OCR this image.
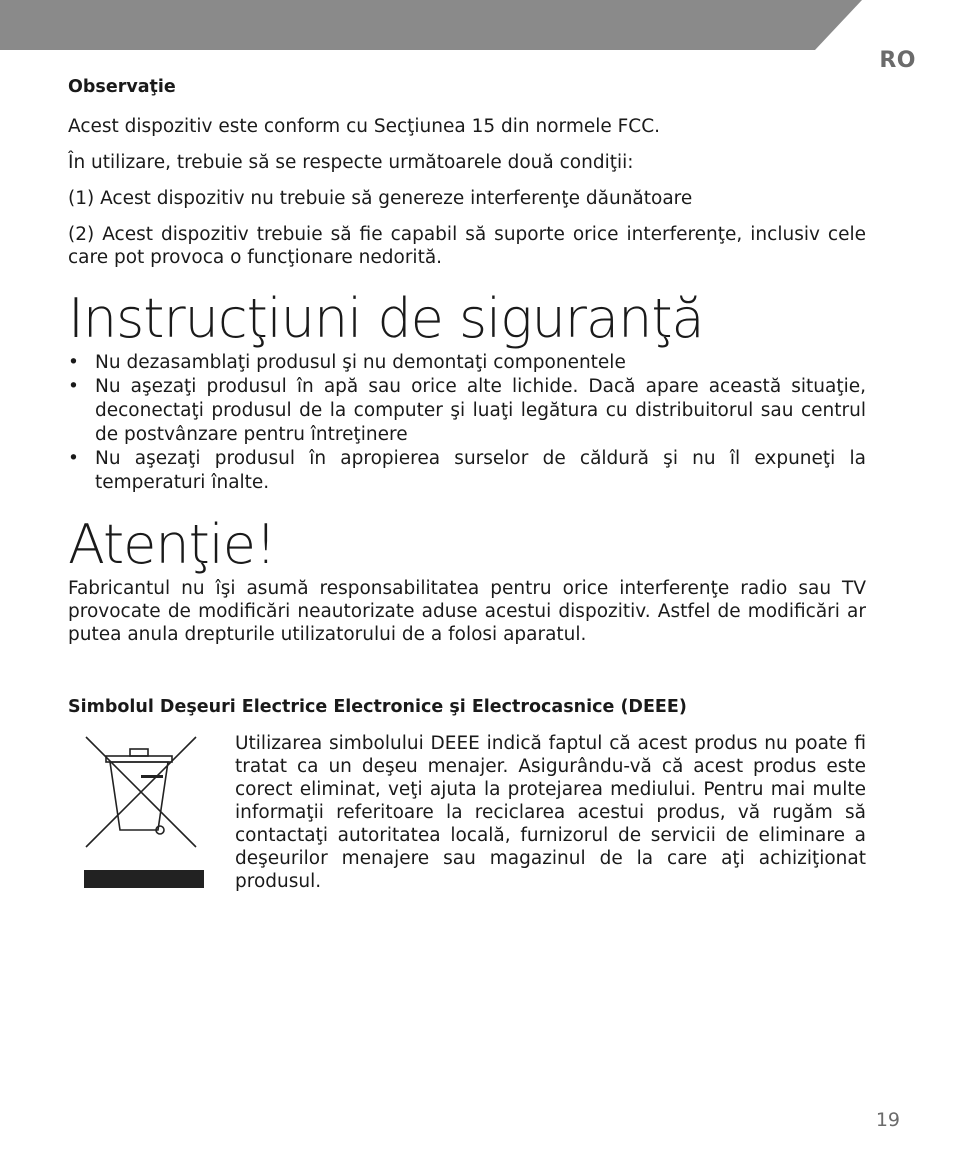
RO
Observaţie

Acest dispozitiv este conform cu Secţiunea 15 din normele FCC.

În utilizare, trebuie să se respecte următoarele două condiţii:

(1) Acest dispozitiv nu trebuie să genereze interferenţe dăunătoare

(2) Acest dispozitiv trebuie să fie capabil să suporte orice interferenţe, inclusiv cele care pot provoca o funcţionare nedorită.

Instrucţiuni de siguranţă
• Nu dezasamblaţi produsul şi nu demontaţi componentele
• Nu aşezaţi produsul în apă sau orice alte lichide. Dacă apare această situaţie, deconectaţi produsul de la computer şi luaţi legătura cu distribuitorul sau centrul de postvânzare pentru întreţinere
• Nu aşezaţi produsul în apropierea surselor de căldură şi nu îl expuneţi la temperaturi înalte.
Atenţie!

Fabricantul nu îşi asumă responsabilitatea pentru orice interferenţe radio sau TV provocate de modificări neautorizate aduse acestui dispozitiv. Astfel de modificări ar putea anula drepturile utilizatorului de a folosi aparatul.

Simbolul Deşeuri Electrice Electronice şi Electrocasnice (DEEE)

Utilizarea simbolului DEEE indică faptul că acest produs nu poate fi tratat ca un deşeu menajer. Asigurându-vă că acest produs este corect eliminat, veţi ajuta la protejarea mediului. Pentru mai multe informaţii referitoare la reciclarea acestui produs, vă rugăm să contactaţi autoritatea locală, furnizorul de servicii de eliminare a deşeurilor menajere sau magazinul de la care aţi achiziţionat produsul.

19
